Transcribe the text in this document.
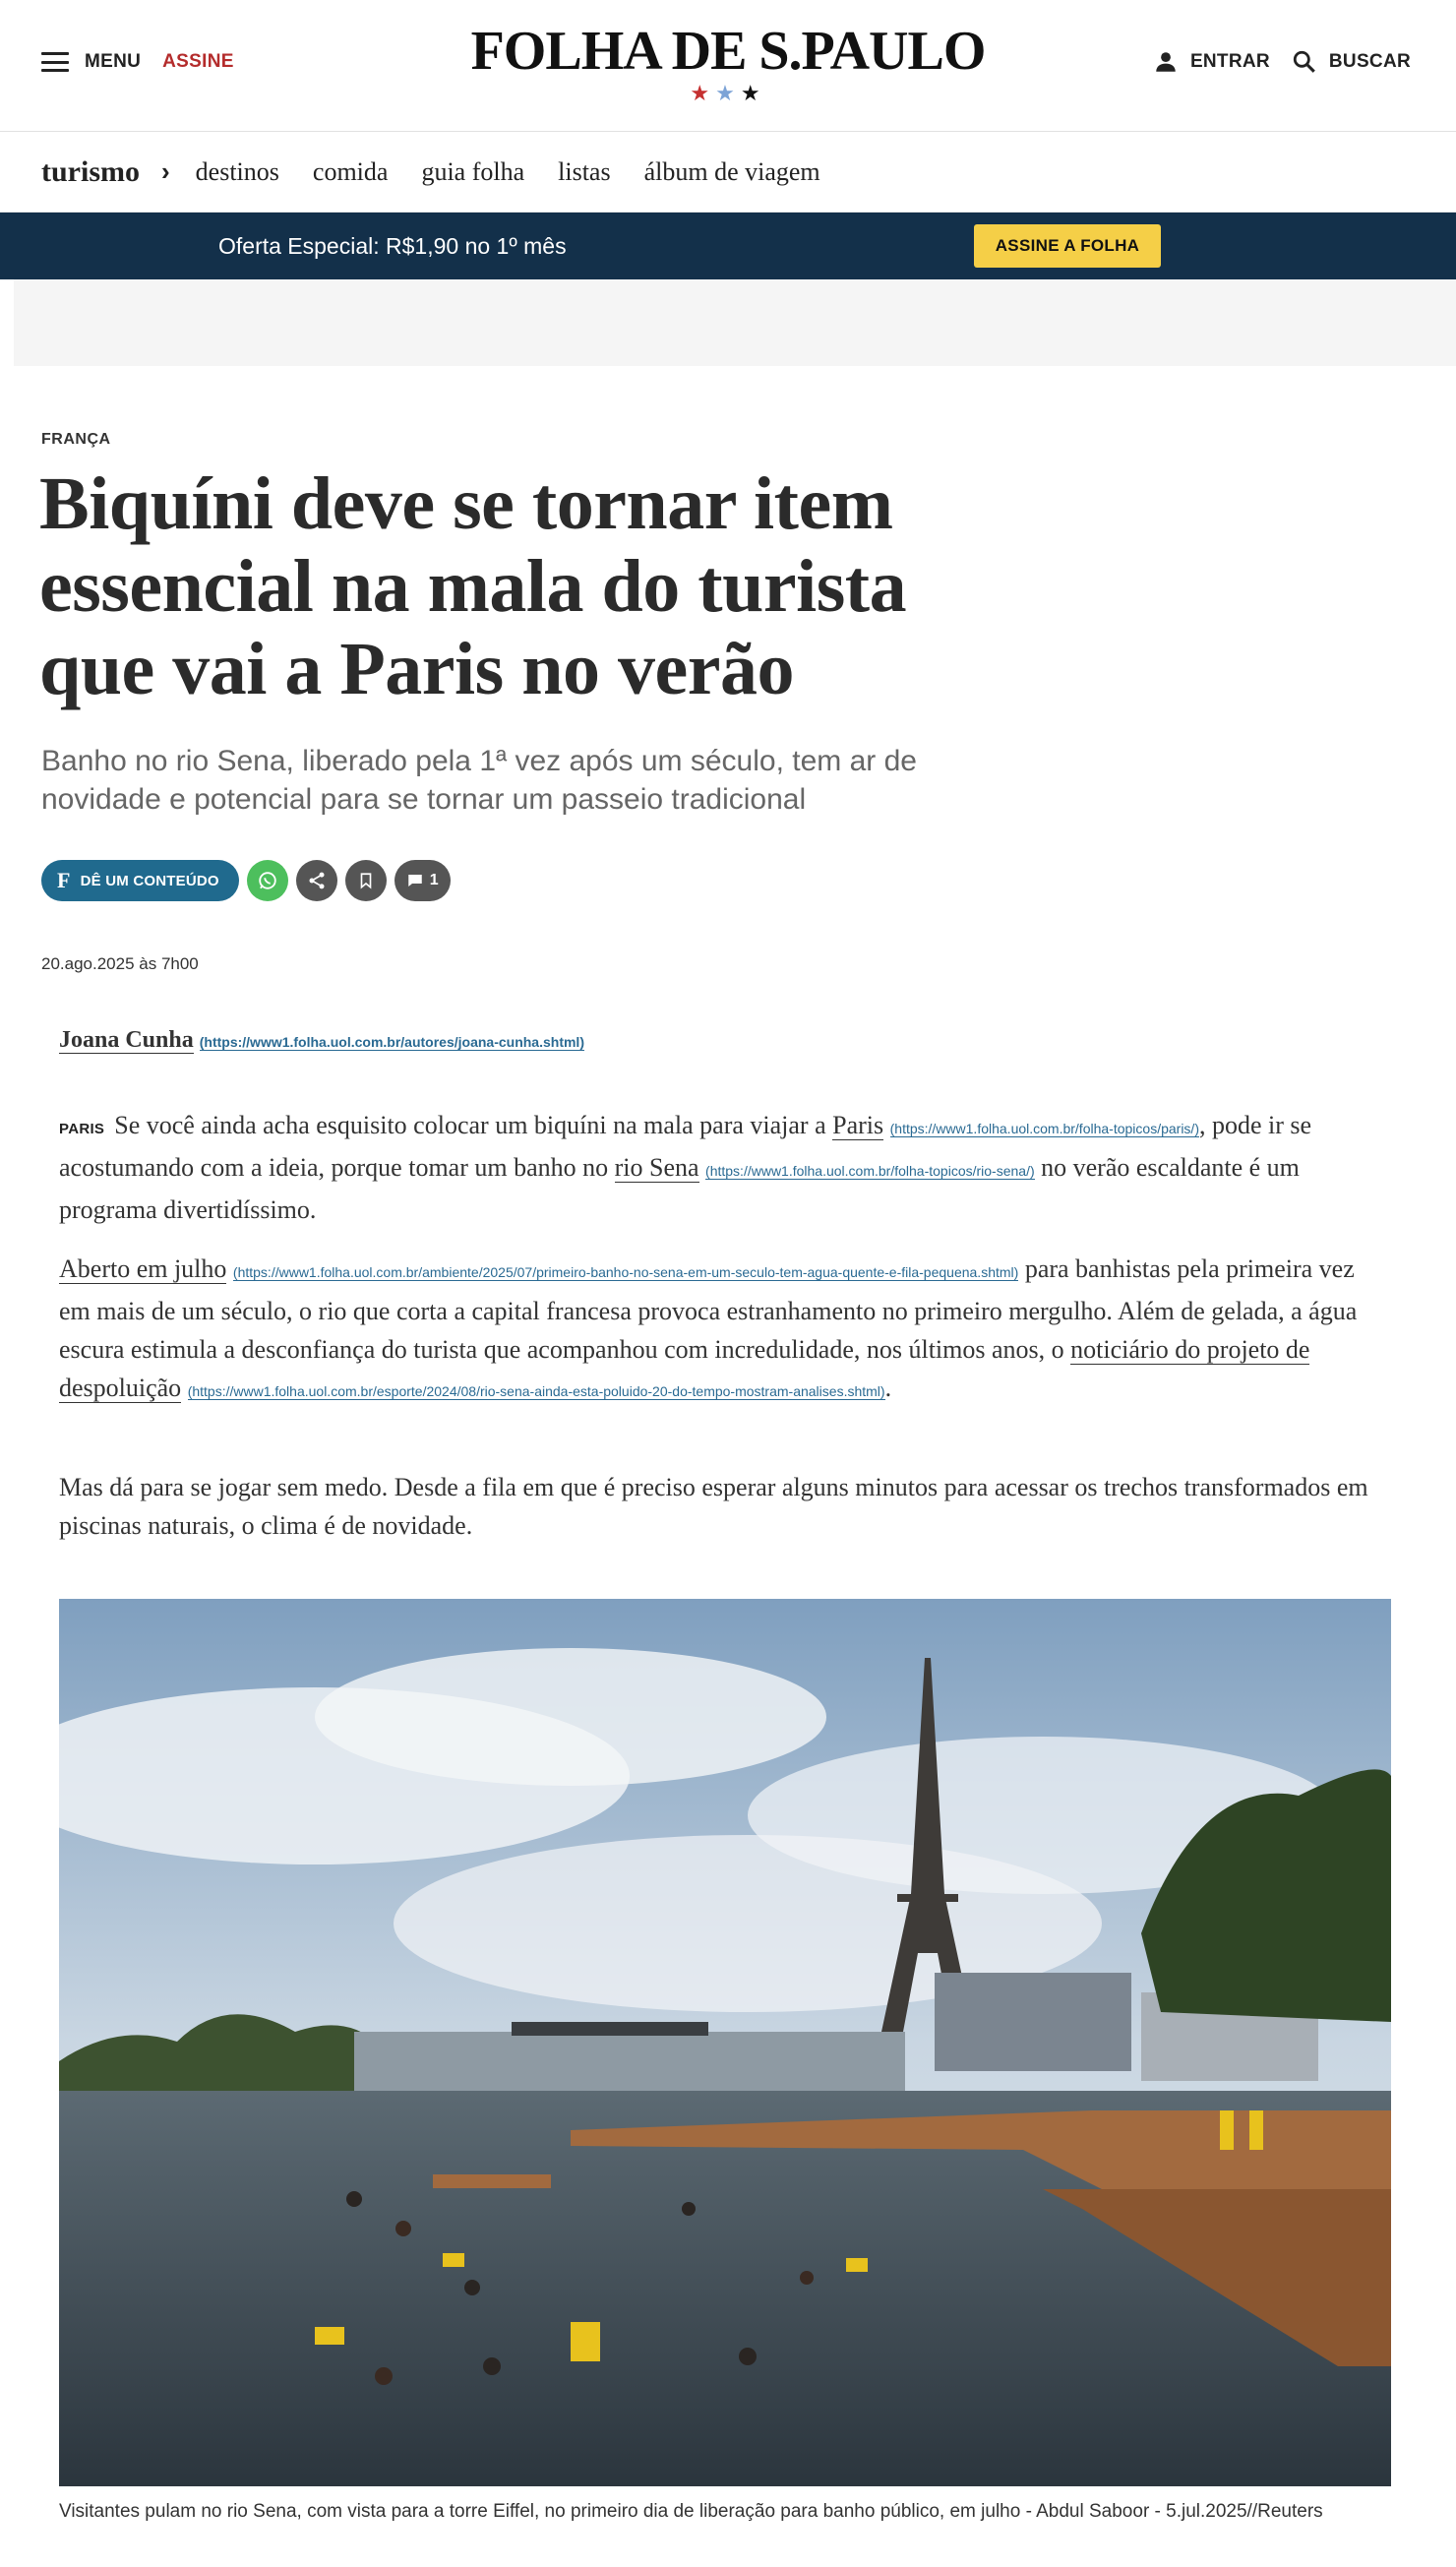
MENU ASSINE	FOLHA DE S.PAULO
★★★
ENTRAR	BUSCAR
turismo › destinos comida guia folha listas álbum de viagem
Oferta Especial: R$1,90 no 1º mês	ASSINE A FOLHA
FRANÇA
Biquíni deve se tornar item essencial na mala do turista que vai a Paris no verão

Banho no rio Sena, liberado pela 1ª vez após um século, tem ar de novidade e potencial para se tornar um passeio tradicional

F DÊ UM CONTEÚDO	1
20.ago.2025 às 7h00
Joana Cunha (https://www1.folha.uol.com.br/autores/joana-cunha.shtml)

PARIS Se você ainda acha esquisito colocar um biquíni na mala para viajar a Paris (https://www1.folha.uol.com.br/folha-topicos/paris/), pode ir se acostumando com a ideia, porque tomar um banho no rio Sena (https://www1.folha.uol.com.br/folha-topicos/rio-sena/) no verão escaldante é um programa divertidíssimo.

Aberto em julho (https://www1.folha.uol.com.br/ambiente/2025/07/primeiro-banho-no-sena-em-um-seculo-tem-agua-quente-e-fila-pequena.shtml) para banhistas pela primeira vez em mais de um século, o rio que corta a capital francesa provoca estranhamento no primeiro mergulho. Além de gelada, a água escura estimula a desconfiança do turista que acompanhou com incredulidade, nos últimos anos, o noticiário do projeto de despoluição (https://www1.folha.uol.com.br/esporte/2024/08/rio-sena-ainda-esta-poluido-20-do-tempo-mostram-analises.shtml).

Mas dá para se jogar sem medo. Desde a fila em que é preciso esperar alguns minutos para acessar os trechos transformados em piscinas naturais, o clima é de novidade.

Visitantes pulam no rio Sena, com vista para a torre Eiffel, no primeiro dia de liberação para banho público, em julho - Abdul Saboor - 5.jul.2025//Reuters
